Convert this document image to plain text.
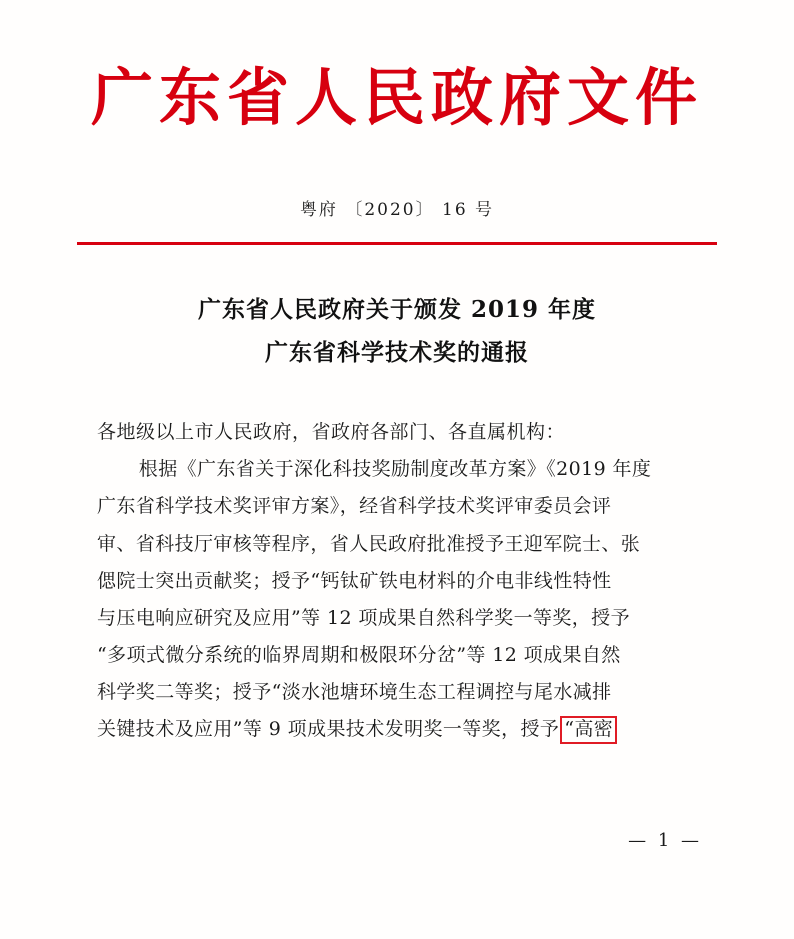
广东省人民政府文件
粤府 〔2020〕 16 号
广东省人民政府关于颁发 2019 年度
广东省科学技术奖的通报
各地级以上市人民政府，省政府各部门、各直属机构：
根据《广东省关于深化科技奖励制度改革方案》《2019 年度
广东省科学技术奖评审方案》，经省科学技术奖评审委员会评
审、省科技厅审核等程序，省人民政府批准授予王迎军院士、张
偲院士突出贡献奖；授予“钙钛矿铁电材料的介电非线性特性
与压电响应研究及应用”等 12 项成果自然科学奖一等奖，授予
“多项式微分系统的临界周期和极限环分岔”等 12 项成果自然
科学奖二等奖；授予“淡水池塘环境生态工程调控与尾水减排
关键技术及应用”等 9 项成果技术发明奖一等奖，授予 “高密
— 1 —
